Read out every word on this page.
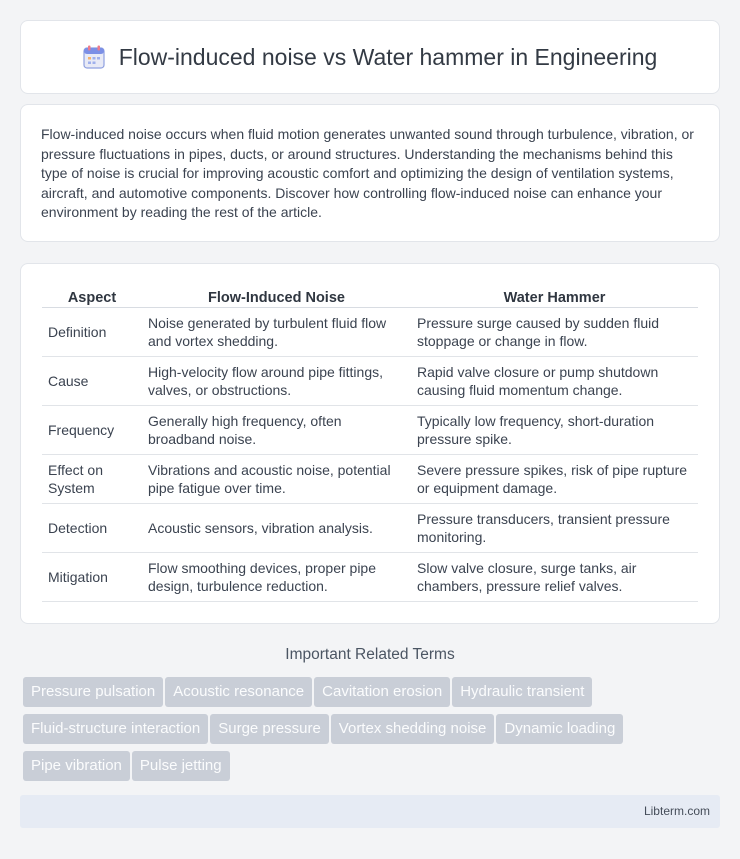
Flow-induced noise vs Water hammer in Engineering

Flow-induced noise occurs when fluid motion generates unwanted sound through turbulence, vibration, or pressure fluctuations in pipes, ducts, or around structures. Understanding the mechanisms behind this type of noise is crucial for improving acoustic comfort and optimizing the design of ventilation systems, aircraft, and automotive components. Discover how controlling flow-induced noise can enhance your environment by reading the rest of the article.

Aspect	Flow-Induced Noise	Water Hammer
Definition	Noise generated by turbulent fluid flow and vortex shedding.	Pressure surge caused by sudden fluid stoppage or change in flow.
Cause	High-velocity flow around pipe fittings, valves, or obstructions.	Rapid valve closure or pump shutdown causing fluid momentum change.
Frequency	Generally high frequency, often broadband noise.	Typically low frequency, short-duration pressure spike.
Effect on System	Vibrations and acoustic noise, potential pipe fatigue over time.	Severe pressure spikes, risk of pipe rupture or equipment damage.
Detection	Acoustic sensors, vibration analysis.	Pressure transducers, transient pressure monitoring.
Mitigation	Flow smoothing devices, proper pipe design, turbulence reduction.	Slow valve closure, surge tanks, air chambers, pressure relief valves.
Important Related Terms
Pressure pulsation Acoustic resonance Cavitation erosion Hydraulic transient
Fluid-structure interaction Surge pressure Vortex shedding noise Dynamic loading
Pipe vibration Pulse jetting
Libterm.com
